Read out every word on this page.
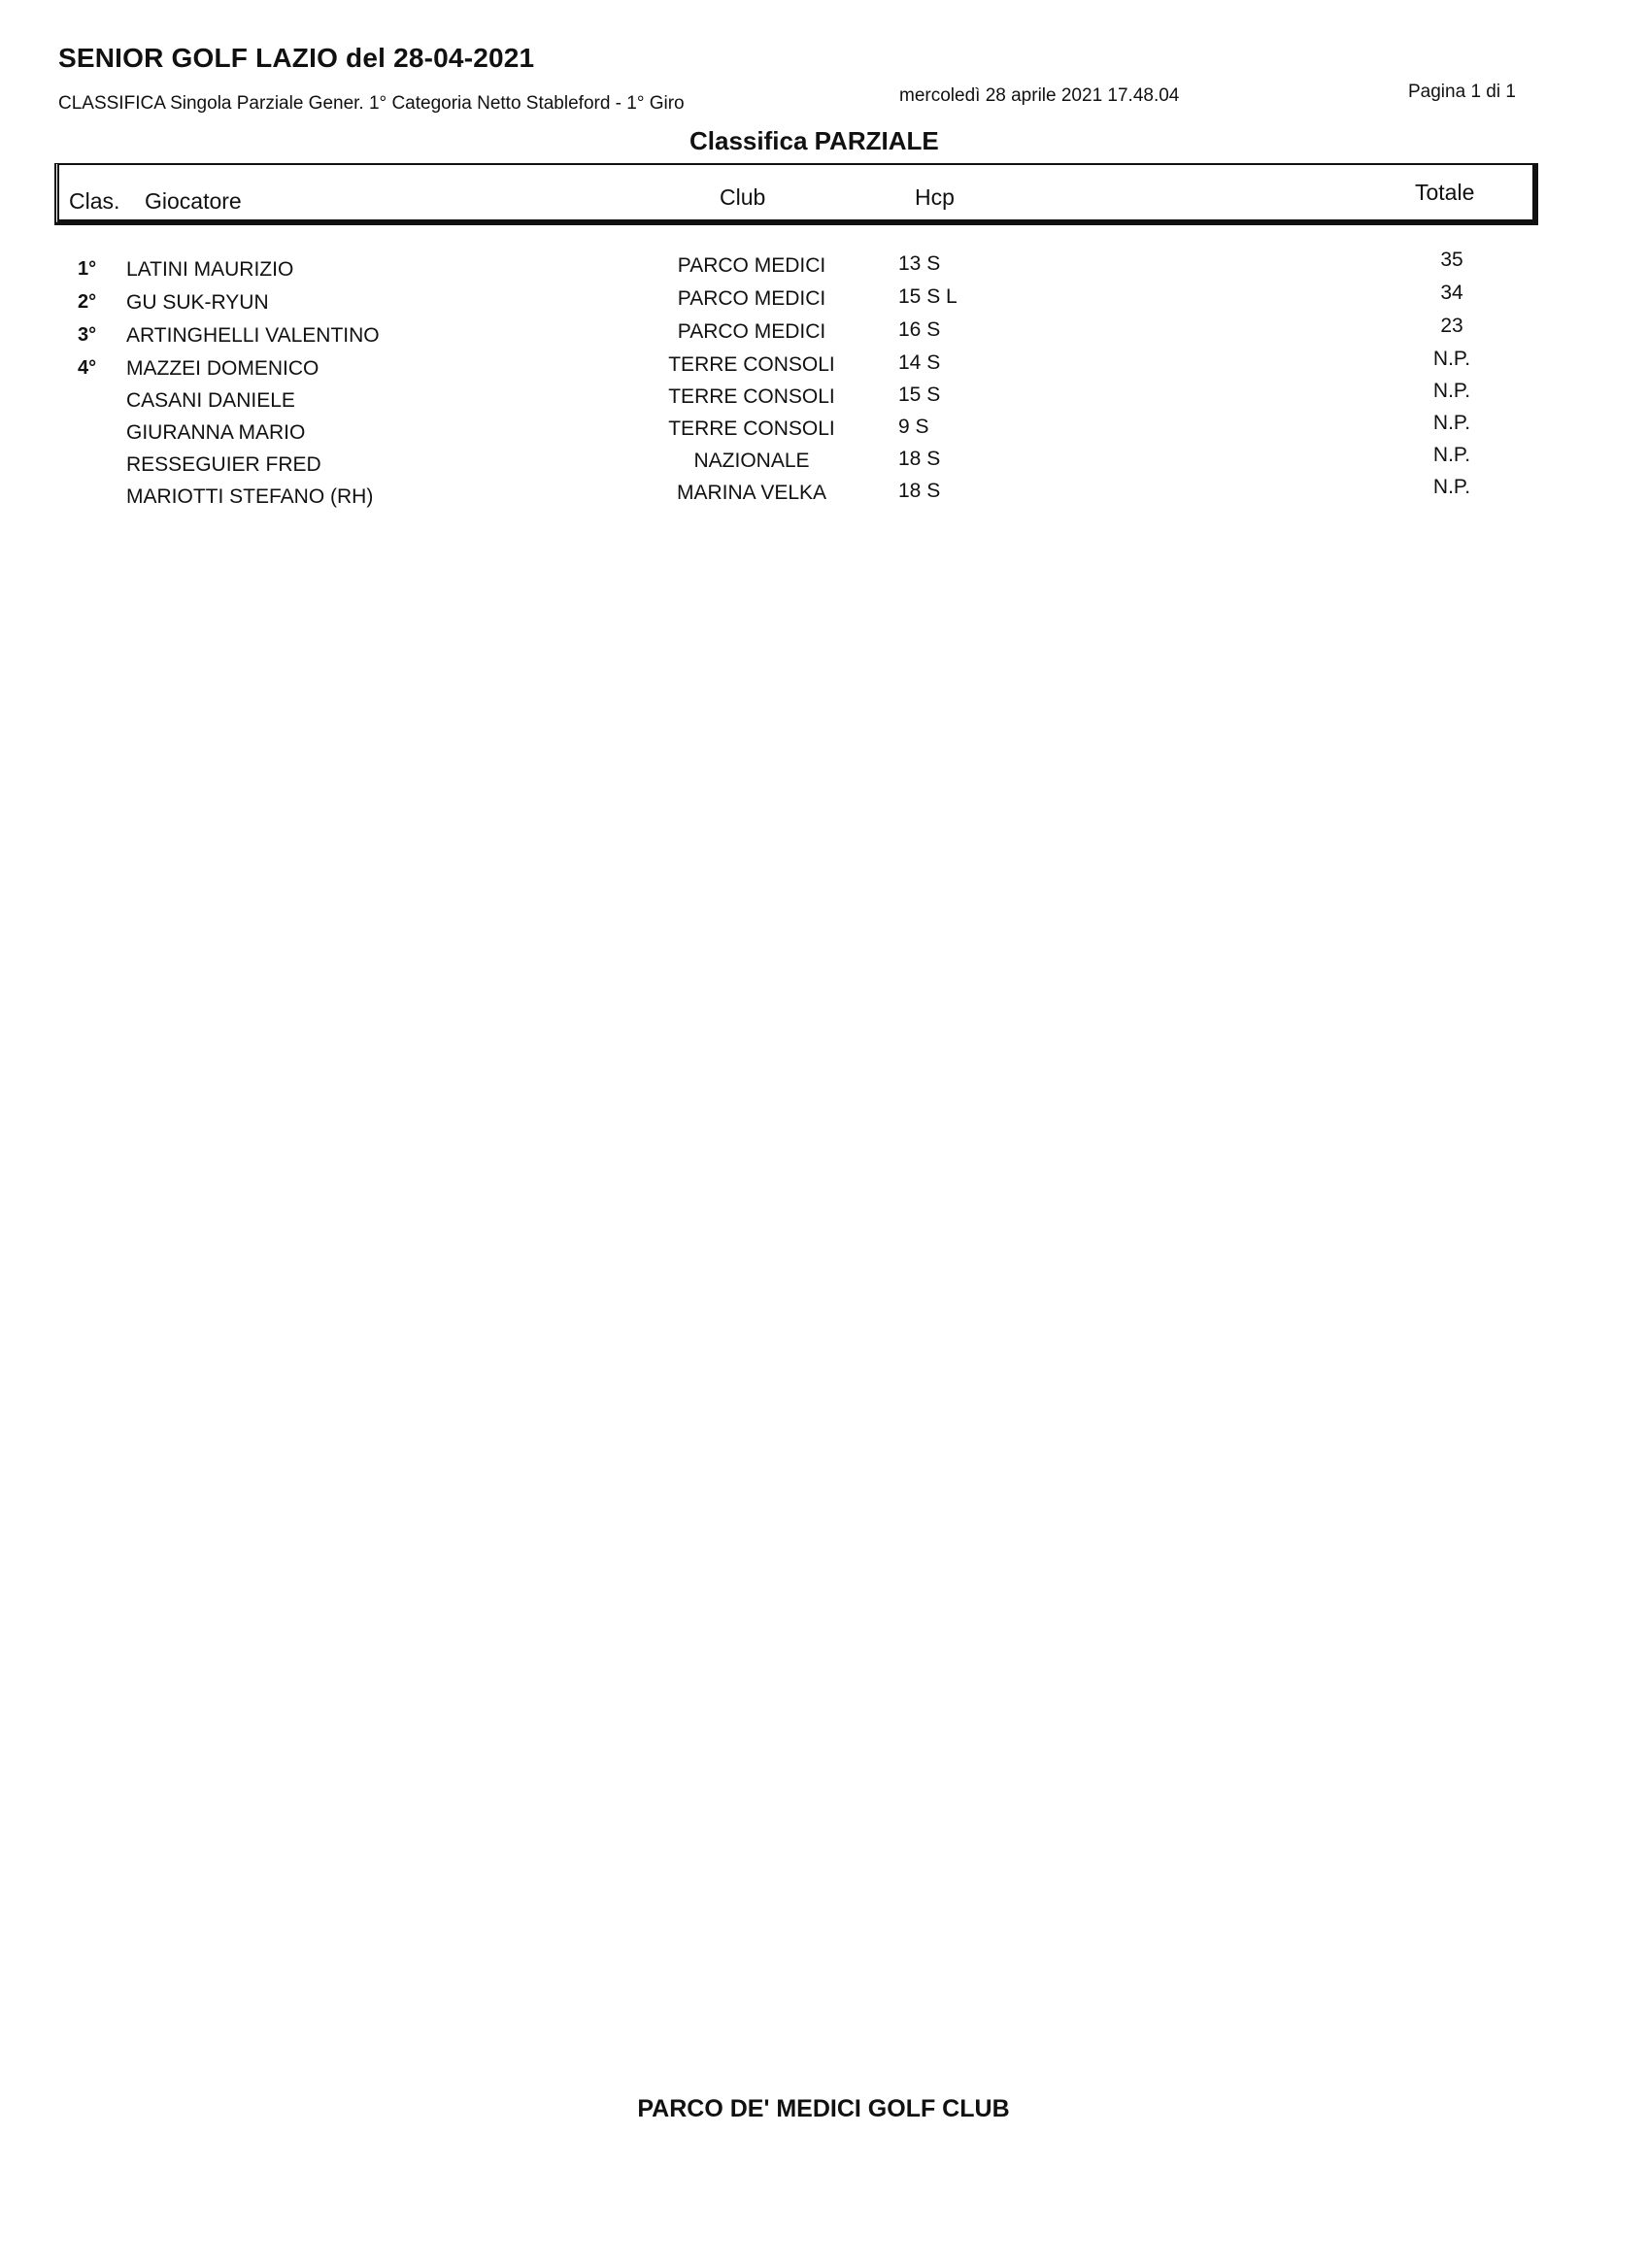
SENIOR GOLF LAZIO del 28-04-2021
CLASSIFICA Singola Parziale Gener. 1° Categoria Netto Stableford - 1° Giro	mercoledì 28 aprile 2021 17.48.04	Pagina 1 di 1
Classifica PARZIALE
Clas. Giocatore	Club	Hcp	Totale
1° LATINI MAURIZIO	PARCO MEDICI	13 S	35
2° GU SUK-RYUN	PARCO MEDICI	15 S L	34
3° ARTINGHELLI VALENTINO	PARCO MEDICI	16 S	23
4° MAZZEI DOMENICO	TERRE CONSOLI	14 S	N.P.
CASANI DANIELE	TERRE CONSOLI	15 S	N.P.
GIURANNA MARIO	TERRE CONSOLI	9 S	N.P.
RESSEGUIER FRED	NAZIONALE	18 S	N.P.
MARIOTTI STEFANO (RH)	MARINA VELKA	18 S	N.P.
PARCO DE' MEDICI GOLF CLUB
